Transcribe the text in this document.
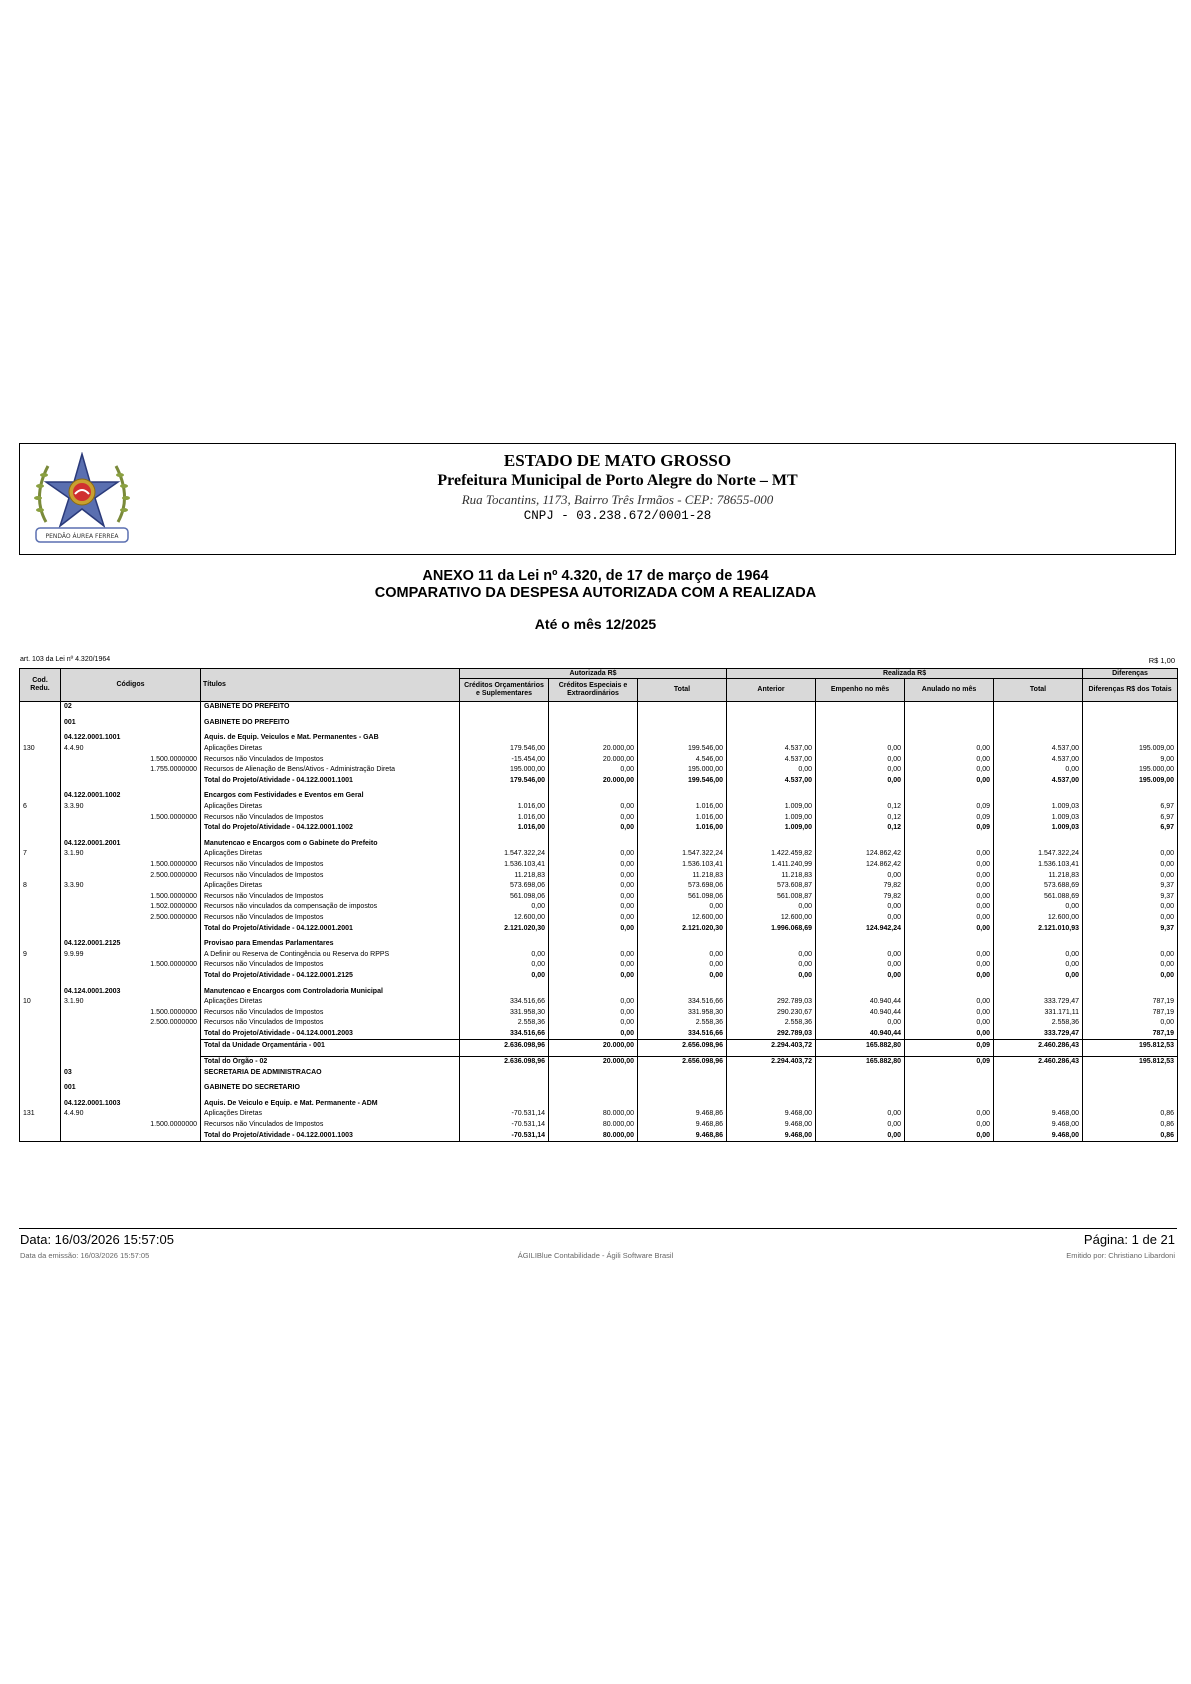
PENDÃO ÁUREA FERREA
ESTADO DE MATO GROSSO
Prefeitura Municipal de Porto Alegre do Norte – MT
Rua Tocantins, 1173, Bairro Três Irmãos - CEP: 78655-000
CNPJ - 03.238.672/0001-28
ANEXO 11 da Lei nº 4.320, de 17 de março de 1964
COMPARATIVO DA DESPESA AUTORIZADA COM A REALIZADA
Até o mês 12/2025
art. 103 da Lei nº 4.320/1964	R$ 1,00
Cod. Redu.	Códigos	Títulos	Autorizada R$			Realizada R$				Diferenças
			Créditos Orçamentários e Suplementares	Créditos Especiais e Extraordinários	Total	Anterior	Empenho no mês	Anulado no mês	Total	Diferenças R$ dos Totais
	02	GABINETE DO PREFEITO								

	001	GABINETE DO PREFEITO								

	04.122.0001.1001	Aquis. de Equip. Veiculos e Mat. Permanentes - GAB								
130	4.4.90	Aplicações Diretas	179.546,00	20.000,00	199.546,00	4.537,00	0,00	0,00	4.537,00	195.009,00
	1.500.0000000	Recursos não Vinculados de Impostos	-15.454,00	20.000,00	4.546,00	4.537,00	0,00	0,00	4.537,00	9,00
	1.755.0000000	Recursos de Alienação de Bens/Ativos - Administração Direta	195.000,00	0,00	195.000,00	0,00	0,00	0,00	0,00	195.000,00
		Total do Projeto/Atividade - 04.122.0001.1001	179.546,00	20.000,00	199.546,00	4.537,00	0,00	0,00	4.537,00	195.009,00

	04.122.0001.1002	Encargos com Festividades e Eventos em Geral								
6	3.3.90	Aplicações Diretas	1.016,00	0,00	1.016,00	1.009,00	0,12	0,09	1.009,03	6,97
	1.500.0000000	Recursos não Vinculados de Impostos	1.016,00	0,00	1.016,00	1.009,00	0,12	0,09	1.009,03	6,97
		Total do Projeto/Atividade - 04.122.0001.1002	1.016,00	0,00	1.016,00	1.009,00	0,12	0,09	1.009,03	6,97

	04.122.0001.2001	Manutencao e Encargos com o Gabinete do Prefeito								
7	3.1.90	Aplicações Diretas	1.547.322,24	0,00	1.547.322,24	1.422.459,82	124.862,42	0,00	1.547.322,24	0,00
	1.500.0000000	Recursos não Vinculados de Impostos	1.536.103,41	0,00	1.536.103,41	1.411.240,99	124.862,42	0,00	1.536.103,41	0,00
	2.500.0000000	Recursos não Vinculados de Impostos	11.218,83	0,00	11.218,83	11.218,83	0,00	0,00	11.218,83	0,00
8	3.3.90	Aplicações Diretas	573.698,06	0,00	573.698,06	573.608,87	79,82	0,00	573.688,69	9,37
	1.500.0000000	Recursos não Vinculados de Impostos	561.098,06	0,00	561.098,06	561.008,87	79,82	0,00	561.088,69	9,37
	1.502.0000000	Recursos não vinculados da compensação de impostos	0,00	0,00	0,00	0,00	0,00	0,00	0,00	0,00
	2.500.0000000	Recursos não Vinculados de Impostos	12.600,00	0,00	12.600,00	12.600,00	0,00	0,00	12.600,00	0,00
		Total do Projeto/Atividade - 04.122.0001.2001	2.121.020,30	0,00	2.121.020,30	1.996.068,69	124.942,24	0,00	2.121.010,93	9,37

	04.122.0001.2125	Provisao para Emendas Parlamentares								
9	9.9.99	A Definir ou Reserva de Contingência ou Reserva do RPPS	0,00	0,00	0,00	0,00	0,00	0,00	0,00	0,00
	1.500.0000000	Recursos não Vinculados de Impostos	0,00	0,00	0,00	0,00	0,00	0,00	0,00	0,00
		Total do Projeto/Atividade - 04.122.0001.2125	0,00	0,00	0,00	0,00	0,00	0,00	0,00	0,00

	04.124.0001.2003	Manutencao e Encargos com Controladoria Municipal								
10	3.1.90	Aplicações Diretas	334.516,66	0,00	334.516,66	292.789,03	40.940,44	0,00	333.729,47	787,19
	1.500.0000000	Recursos não Vinculados de Impostos	331.958,30	0,00	331.958,30	290.230,67	40.940,44	0,00	331.171,11	787,19
	2.500.0000000	Recursos não Vinculados de Impostos	2.558,36	0,00	2.558,36	2.558,36	0,00	0,00	2.558,36	0,00
		Total do Projeto/Atividade - 04.124.0001.2003	334.516,66	0,00	334.516,66	292.789,03	40.940,44	0,00	333.729,47	787,19
		Total da Unidade Orçamentária - 001	2.636.098,96	20.000,00	2.656.098,96	2.294.403,72	165.882,80	0,09	2.460.286,43	195.812,53

		Total do Órgão - 02	2.636.098,96	20.000,00	2.656.098,96	2.294.403,72	165.882,80	0,09	2.460.286,43	195.812,53
	03	SECRETARIA DE ADMINISTRACAO								

	001	GABINETE DO SECRETARIO								

	04.122.0001.1003	Aquis. De Veiculo e Equip. e Mat. Permanente - ADM								
131	4.4.90	Aplicações Diretas	-70.531,14	80.000,00	9.468,86	9.468,00	0,00	0,00	9.468,00	0,86
	1.500.0000000	Recursos não Vinculados de Impostos	-70.531,14	80.000,00	9.468,86	9.468,00	0,00	0,00	9.468,00	0,86
		Total do Projeto/Atividade - 04.122.0001.1003	-70.531,14	80.000,00	9.468,86	9.468,00	0,00	0,00	9.468,00	0,86
Data: 16/03/2026 15:57:05	Página: 1 de 21
Data da emissão: 16/03/2026 15:57:05	ÁGILIBlue Contabilidade - Ágili Software Brasil	Emitido por: Christiano Libardoni
